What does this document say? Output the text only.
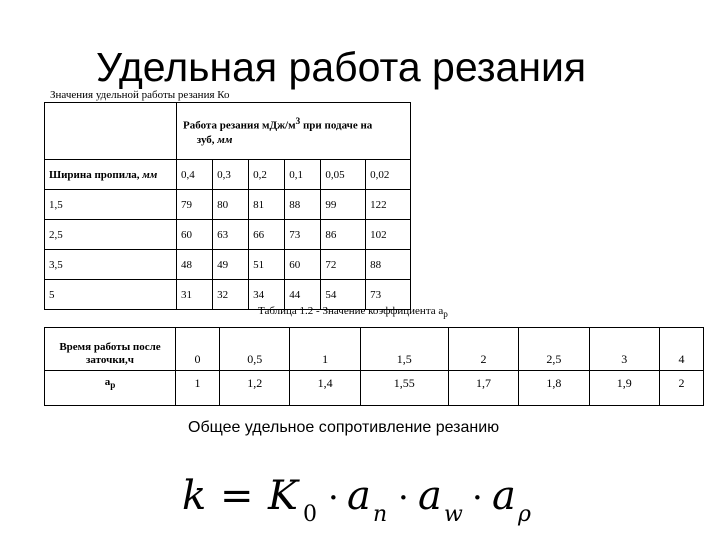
Удельная работа резания
Значения удельной работы резания Ко
	Работа резания мДж/$м^3$ при подаче на
зуб, мм					
Ширина пропила, мм	0,4	0,3	0,2	0,1	0,05	0,02
1,5	79	80	81	88	99	122
2,5	60	63	66	73	86	102
3,5	48	49	51	60	72	88
5	31	32	34	44	54	73
Таблица 1.2 - Значение коэффициента $a_р$
Время работы после заточки,ч	0	0,5	1	1,5	2	2,5	3	4
$a_р$	1	1,2	1,4	1,55	1,7	1,8	1,9	2
Общее удельное сопротивление резанию
k = K 0 · a n · a w · a ρ
